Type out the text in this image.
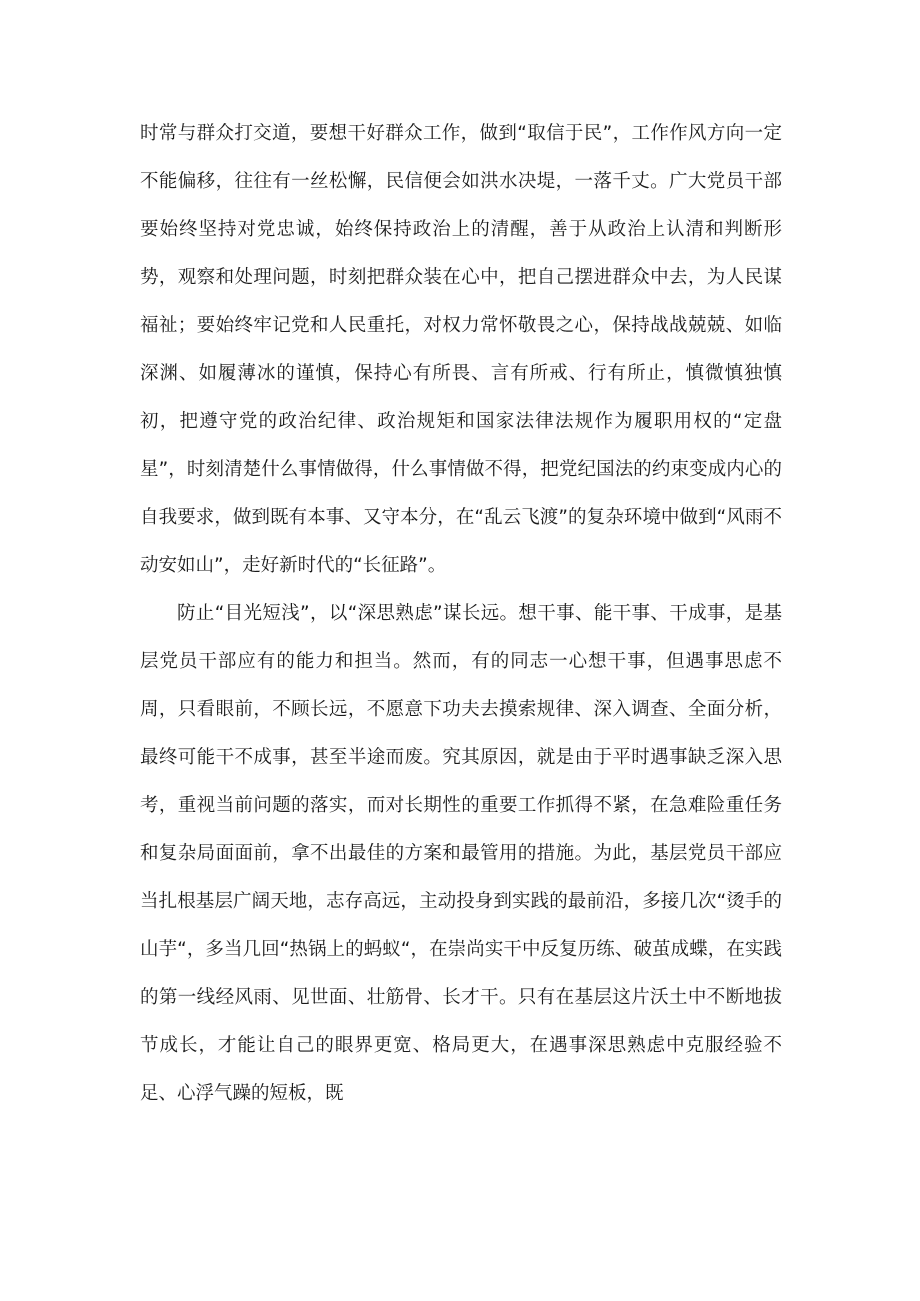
时常与群众打交道，要想干好群众工作，做到“取信于民”，工作作风方向一定不能偏移，往往有一丝松懈，民信便会如洪水决堤，一落千丈。广大党员干部要始终坚持对党忠诚，始终保持政治上的清醒，善于从政治上认清和判断形势，观察和处理问题，时刻把群众装在心中，把自己摆进群众中去，为人民谋福祉；要始终牢记党和人民重托，对权力常怀敬畏之心，保持战战兢兢、如临深渊、如履薄冰的谨慎，保持心有所畏、言有所戒、行有所止，慎微慎独慎初，把遵守党的政治纪律、政治规矩和国家法律法规作为履职用权的“定盘星”，时刻清楚什么事情做得，什么事情做不得，把党纪国法的约束变成内心的自我要求，做到既有本事、又守本分，在“乱云飞渡”的复杂环境中做到“风雨不动安如山”，走好新时代的“长征路”。

防止“目光短浅”，以“深思熟虑”谋长远。想干事、能干事、干成事，是基层党员干部应有的能力和担当。然而，有的同志一心想干事，但遇事思虑不周，只看眼前，不顾长远，不愿意下功夫去摸索规律、深入调查、全面分析，最终可能干不成事，甚至半途而废。究其原因，就是由于平时遇事缺乏深入思考，重视当前问题的落实，而对长期性的重要工作抓得不紧，在急难险重任务和复杂局面面前，拿不出最佳的方案和最管用的措施。为此，基层党员干部应当扎根基层广阔天地，志存高远，主动投身到实践的最前沿，多接几次“烫手的山芋“，多当几回“热锅上的蚂蚁“，在崇尚实干中反复历练、破茧成蝶，在实践的第一线经风雨、见世面、壮筋骨、长才干。只有在基层这片沃土中不断地拔节成长，才能让自己的眼界更宽、格局更大，在遇事深思熟虑中克服经验不足、心浮气躁的短板，既
